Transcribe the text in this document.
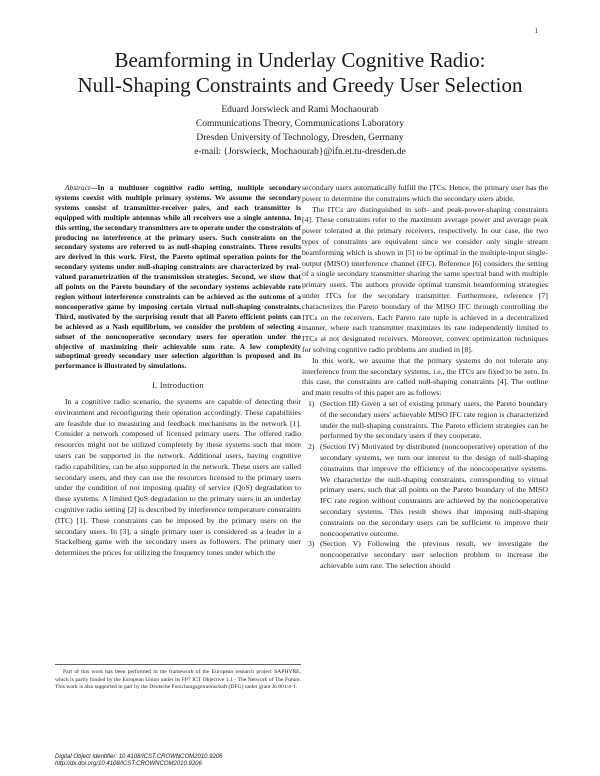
1
Beamforming in Underlay Cognitive Radio:
Null-Shaping Constraints and Greedy User Selection
Eduard Jorswieck and Rami Mochaourab
Communications Theory, Communications Laboratory
Dresden University of Technology, Dresden, Germany
e-mail: {Jorswieck, Mochaourab}@ifn.et.tu-dresden.de

Abstract—In a multiuser cognitive radio setting, multiple secondary systems coexist with multiple primary systems. We assume the secondary systems consist of transmitter-receiver pairs, and each transmitter is equipped with multiple antennas while all receivers use a single antenna. In this setting, the secondary transmitters are to operate under the constraints of producing no interference at the primary users. Such constraints on the secondary systems are referred to as null-shaping constraints. Three results are derived in this work. First, the Pareto optimal operation points for the secondary systems under null-shaping constraints are characterized by real-valued parametrization of the transmission strategies. Second, we show that all points on the Pareto boundary of the secondary systems achievable rate region without interference constraints can be achieved as the outcome of a noncooperative game by imposing certain virtual null-shaping constraints. Third, motivated by the surprising result that all Pareto efficient points can be achieved as a Nash equilibrium, we consider the problem of selecting a subset of the noncooperative secondary users for operation under the objective of maximizing their achievable sum rate. A low complexity suboptimal greedy secondary user selection algorithm is proposed and its performance is illustrated by simulations.

I. Introduction

In a cognitive radio scenario, the systems are capable of detecting their environment and reconfiguring their operation accordingly. These capabilities are feasible due to measuring and feedback mechanisms in the network [1]. Consider a network composed of licensed primary users. The offered radio resources might not be utilized completely by these systems such that more users can be supported in the network. Additional users, having cognitive radio capabilities, can be also supported in the network. These users are called secondary users, and they can use the resources licensed to the primary users under the condition of not imposing quality of service (QoS) degradation to these systems. A limited QoS degradation to the primary users in an underlay cognitive radio setting [2] is described by interference temperature constraints (ITC) [1]. These constraints can be imposed by the primary users on the secondary users. In [3], a single primary user is considered as a leader in a Stackelberg game with the secondary users as followers. The primary user determines the prices for utilizing the frequency tones under which the

Part of this work has been performed in the framework of the European research project SAPHYRE, which is partly funded by the European Union under its FP7 ICT Objective 1.1 - The Network of The Future. This work is also supported in part by the Deutsche Forschungsgemeinschaft (DFG) under grant Jo 801/4-1.

secondary users automatically fulfill the ITCs. Hence, the primary user has the power to determine the constraints which the secondary users abide.

The ITCs are distinguished in soft- and peak-power-shaping constraints [4]. These constraints refer to the maximum average power and average peak power tolerated at the primary receivers, respectively. In our case, the two types of constraints are equivalent since we consider only single stream beamforming which is shown in [5] to be optimal in the multiple-input single-output (MISO) interference channel (IFC). Reference [6] considers the setting of a single secondary transmitter sharing the same spectral band with multiple primary users. The authors provide optimal transmit beamforming strategies under ITCs for the secondary transmitter. Furthermore, reference [7] characterizes the Pareto boundary of the MISO IFC through controlling the ITCs on the receivers. Each Pareto rate tuple is achieved in a decentralized manner, where each transmitter maximizes its rate independently limited to ITCs at not designated receivers. Moreover, convex optimization techniques for solving cognitive radio problems are studied in [8].

In this work, we assume that the primary systems do not tolerate any interference from the secondary systems, i.e., the ITCs are fixed to be zero. In this case, the constraints are called null-shaping constraints [4]. The outline and main results of this paper are as follows:

1) (Section III) Given a set of existing primary users, the Pareto boundary of the secondary users' achievable MISO IFC rate region is characterized under the null-shaping constraints. The Pareto efficient strategies can be performed by the secondary users if they cooperate.
2) (Section IV) Motivated by distributed (noncooperative) operation of the secondary systems, we turn our interest to the design of null-shaping constraints that improve the efficiency of the noncooperative systems. We characterize the null-shaping constraints, corresponding to virtual primary users, such that all points on the Pareto boundary of the MISO IFC rate region without constraints are achieved by the noncooperative secondary systems. This result shows that imposing null-shaping constraints on the secondary users can be sufficient to improve their noncooperative outcome.
3) (Section V) Following the previous result, we investigate the noncooperative secondary user selection problem to increase the achievable sum rate. The selection should
Digital Object Identifier: 10.4108/ICST.CROWNCOM2010.9206
http://dx.doi.org/10.4108/ICST.CROWNCOM2010.9206
